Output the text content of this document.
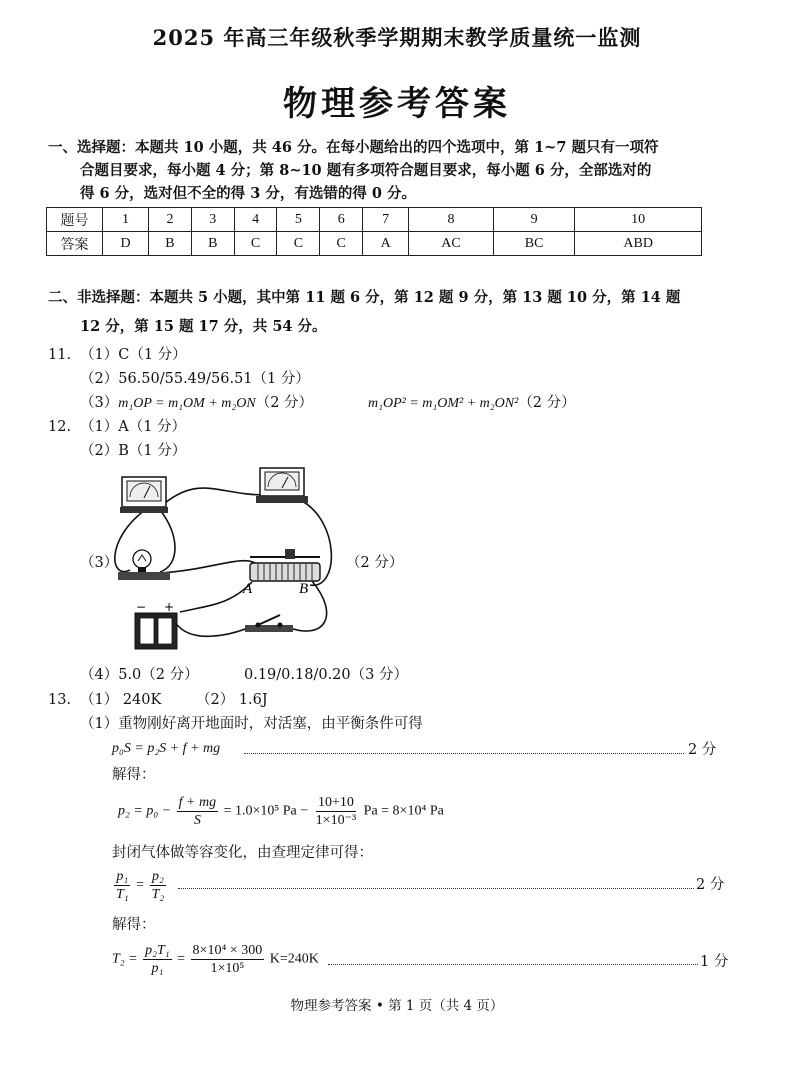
2025 年高三年级秋季学期期末教学质量统一监测
物理参考答案
一、选择题：本题共 10 小题，共 46 分。在每小题给出的四个选项中，第 1~7 题只有一项符
合题目要求，每小题 4 分；第 8~10 题有多项符合题目要求，每小题 6 分，全部选对的
得 6 分，选对但不全的得 3 分，有选错的得 0 分。
题号	1	2	3	4	5	6	7	8	9	10
答案	D	B	B	C	C	C	A	AC	BC	ABD
二、非选择题：本题共 5 小题，其中第 11 题 6 分，第 12 题 9 分，第 13 题 10 分，第 14 题
12 分，第 15 题 17 分，共 54 分。
11. （1）C（1 分）
（2）56.50/55.49/56.51（1 分）
（3）m₁OP = m₁OM + m₂ON（2 分）	m₁OP² = m₁OM² + m₂ON²（2 分）
12. （1）A（1 分）
（2）B（1 分）
（3）	（2 分）
A	B
− +
（4）5.0（2 分）	0.19/0.18/0.20（3 分）
13. （1） 240K （2） 1.6J
（1）重物刚好离开地面时，对活塞，由平衡条件可得
p₀S = p₂S + f + mg	2 分
解得：
$p_2 = p_0 - \frac{f + mg}{S} = 1.0\times 10^5$ $Pa - \frac{10+10}{\text{1×10⁻³}}$ Pa = 8×10⁴ Pa
封闭气体做等容变化，由查理定律可得：
$\frac{\text{p₁}}{\text{T₁}} = \frac{\text{p₂}}{\text{T₂}}$	2 分
解得：
$T_2 = \frac{\text{p₂T₁}}{\text{p₁}} = \frac{\text{8×10⁴ × 300}}{\text{1×10⁵}} K=240K$	1 分
物理参考答案 • 第 1 页（共 4 页）
